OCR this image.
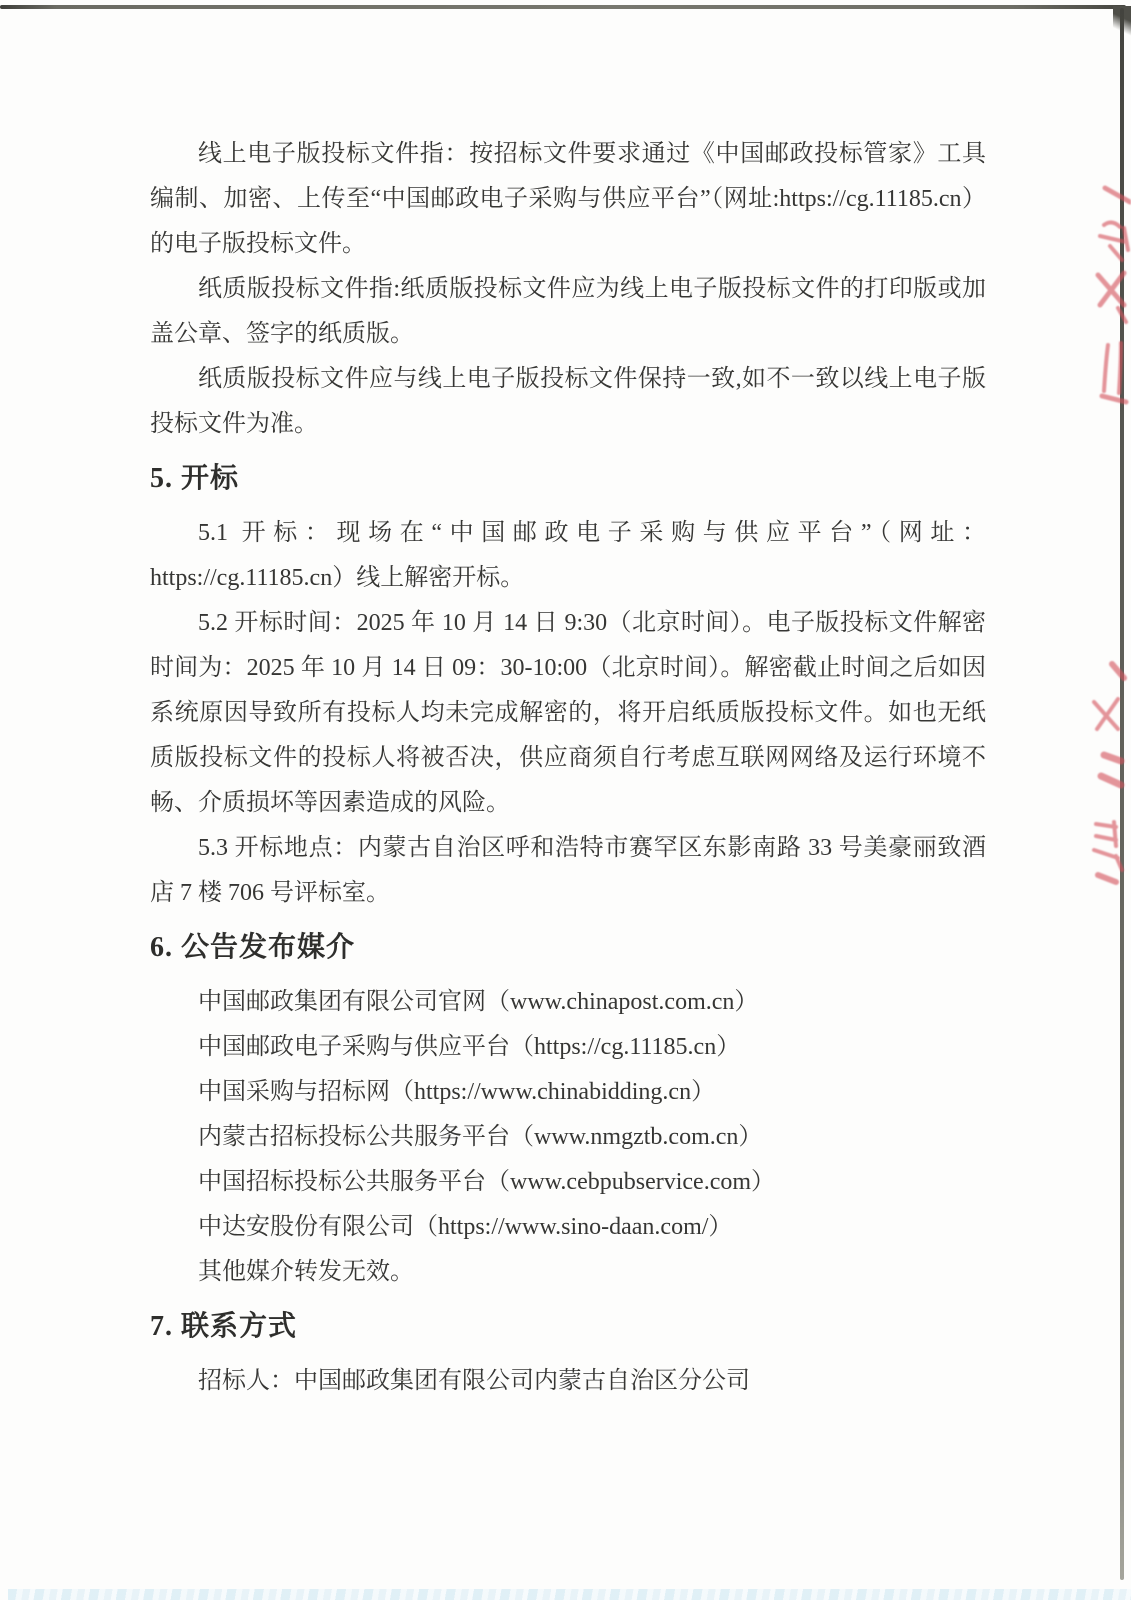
线上电子版投标文件指：按招标文件要求通过《中国邮政投标管家》工具编制、加密、上传至“中国邮政电子采购与供应平台”（网址:https://cg.11185.cn）的电子版投标文件。

纸质版投标文件指:纸质版投标文件应为线上电子版投标文件的打印版或加盖公章、签字的纸质版。

纸质版投标文件应与线上电子版投标文件保持一致,如不一致以线上电子版投标文件为准。

5. 开标

5.1 开标：现场在“中国邮政电子采购与供应平台”（网址：https://cg.11185.cn）线上解密开标。

5.2 开标时间：2025 年 10 月 14 日 9:30（北京时间）。电子版投标文件解密时间为：2025 年 10 月 14 日 09：30-10:00（北京时间）。解密截止时间之后如因系统原因导致所有投标人均未完成解密的，将开启纸质版投标文件。如也无纸质版投标文件的投标人将被否决，供应商须自行考虑互联网网络及运行环境不畅、介质损坏等因素造成的风险。

5.3 开标地点：内蒙古自治区呼和浩特市赛罕区东影南路 33 号美豪丽致酒店 7 楼 706 号评标室。

6. 公告发布媒介

中国邮政集团有限公司官网（www.chinapost.com.cn）

中国邮政电子采购与供应平台（https://cg.11185.cn）

中国采购与招标网（https://www.chinabidding.cn）

内蒙古招标投标公共服务平台（www.nmgztb.com.cn）

中国招标投标公共服务平台（www.cebpubservice.com）

中达安股份有限公司（https://www.sino-daan.com/）

其他媒介转发无效。

7. 联系方式

招标人：中国邮政集团有限公司内蒙古自治区分公司
